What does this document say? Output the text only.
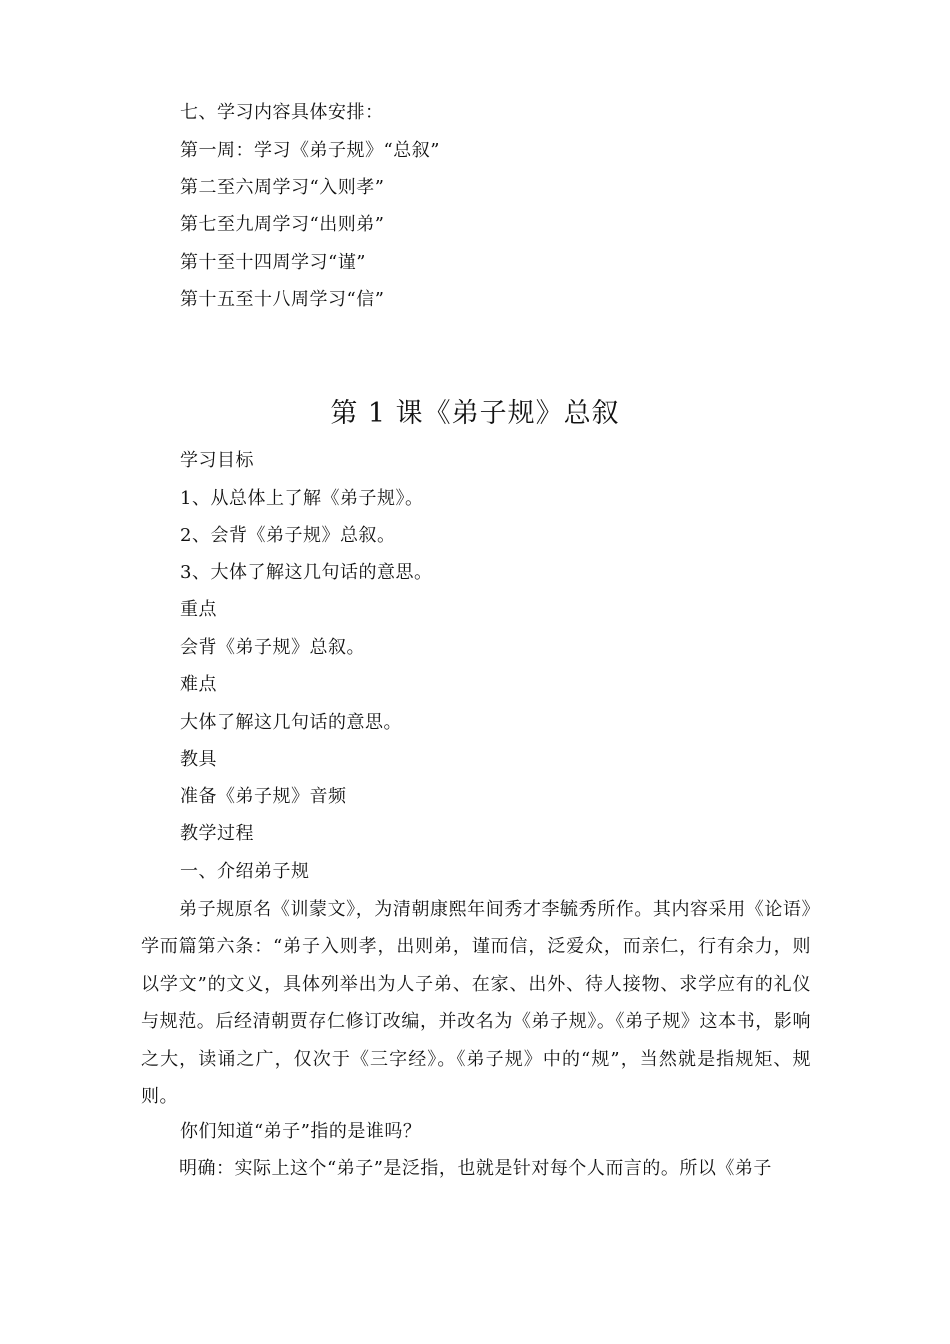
七、学习内容具体安排：
第一周：学习《弟子规》“总叙”
第二至六周学习“入则孝”
第七至九周学习“出则弟”
第十至十四周学习“谨”
第十五至十八周学习“信”
第 1 课《弟子规》总叙
学习目标
1、从总体上了解《弟子规》。
2、会背《弟子规》总叙。
3、大体了解这几句话的意思。
重点
会背《弟子规》总叙。
难点
大体了解这几句话的意思。
教具
准备《弟子规》音频
教学过程
一、介绍弟子规
弟子规原名《训蒙文》，为清朝康熙年间秀才李毓秀所作。其内容采用《论语》学而篇第六条：“弟子入则孝，出则弟，谨而信，泛爱众，而亲仁，行有余力，则以学文”的文义，具体列举出为人子弟、在家、出外、待人接物、求学应有的礼仪与规范。后经清朝贾存仁修订改编，并改名为《弟子规》。《弟子规》这本书，影响之大，读诵之广，仅次于《三字经》。《弟子规》中的“规”，当然就是指规矩、规则。
你们知道“弟子”指的是谁吗？
明确：实际上这个“弟子”是泛指，也就是针对每个人而言的。所以《弟子
